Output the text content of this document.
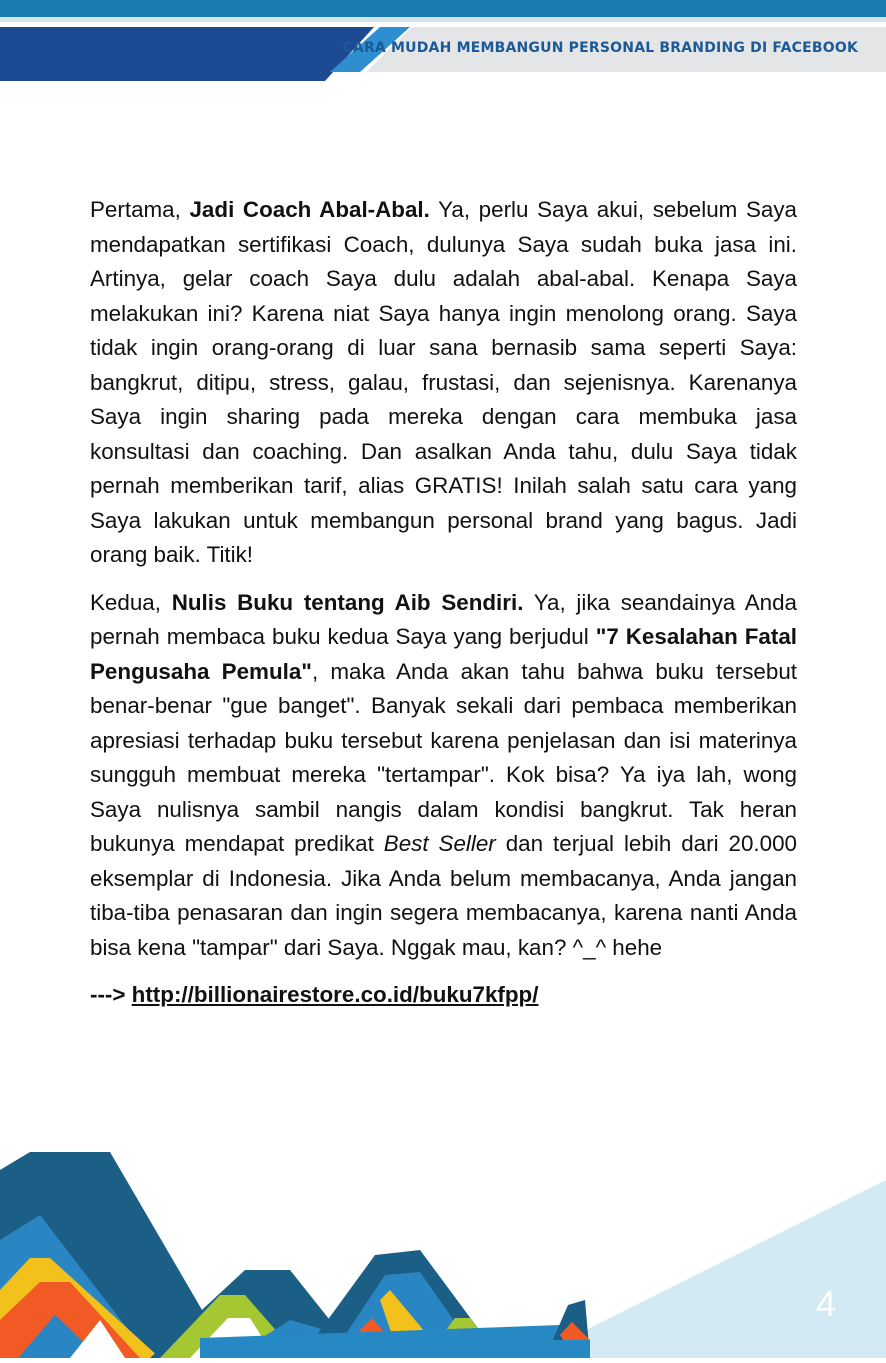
CARA MUDAH MEMBANGUN PERSONAL BRANDING DI FACEBOOK

Pertama, Jadi Coach Abal-Abal. Ya, perlu Saya akui, sebelum Saya mendapatkan sertifikasi Coach, dulunya Saya sudah buka jasa ini. Artinya, gelar coach Saya dulu adalah abal-abal. Kenapa Saya melakukan ini? Karena niat Saya hanya ingin menolong orang. Saya tidak ingin orang-orang di luar sana bernasib sama seperti Saya: bangkrut, ditipu, stress, galau, frustasi, dan sejenisnya. Karenanya Saya ingin sharing pada mereka dengan cara membuka jasa konsultasi dan coaching. Dan asalkan Anda tahu, dulu Saya tidak pernah memberikan tarif, alias GRATIS! Inilah salah satu cara yang Saya lakukan untuk membangun personal brand yang bagus. Jadi orang baik. Titik!

Kedua, Nulis Buku tentang Aib Sendiri. Ya, jika seandainya Anda pernah membaca buku kedua Saya yang berjudul "7 Kesalahan Fatal Pengusaha Pemula", maka Anda akan tahu bahwa buku tersebut benar-benar "gue banget". Banyak sekali dari pembaca memberikan apresiasi terhadap buku tersebut karena penjelasan dan isi materinya sungguh membuat mereka "tertampar". Kok bisa? Ya iya lah, wong Saya nulisnya sambil nangis dalam kondisi bangkrut. Tak heran bukunya mendapat predikat Best Seller dan terjual lebih dari 20.000 eksemplar di Indonesia. Jika Anda belum membacanya, Anda jangan tiba-tiba penasaran dan ingin segera membacanya, karena nanti Anda bisa kena "tampar" dari Saya. Nggak mau, kan? ^_^ hehe

---> http://billionairestore.co.id/buku7kfpp/

4
